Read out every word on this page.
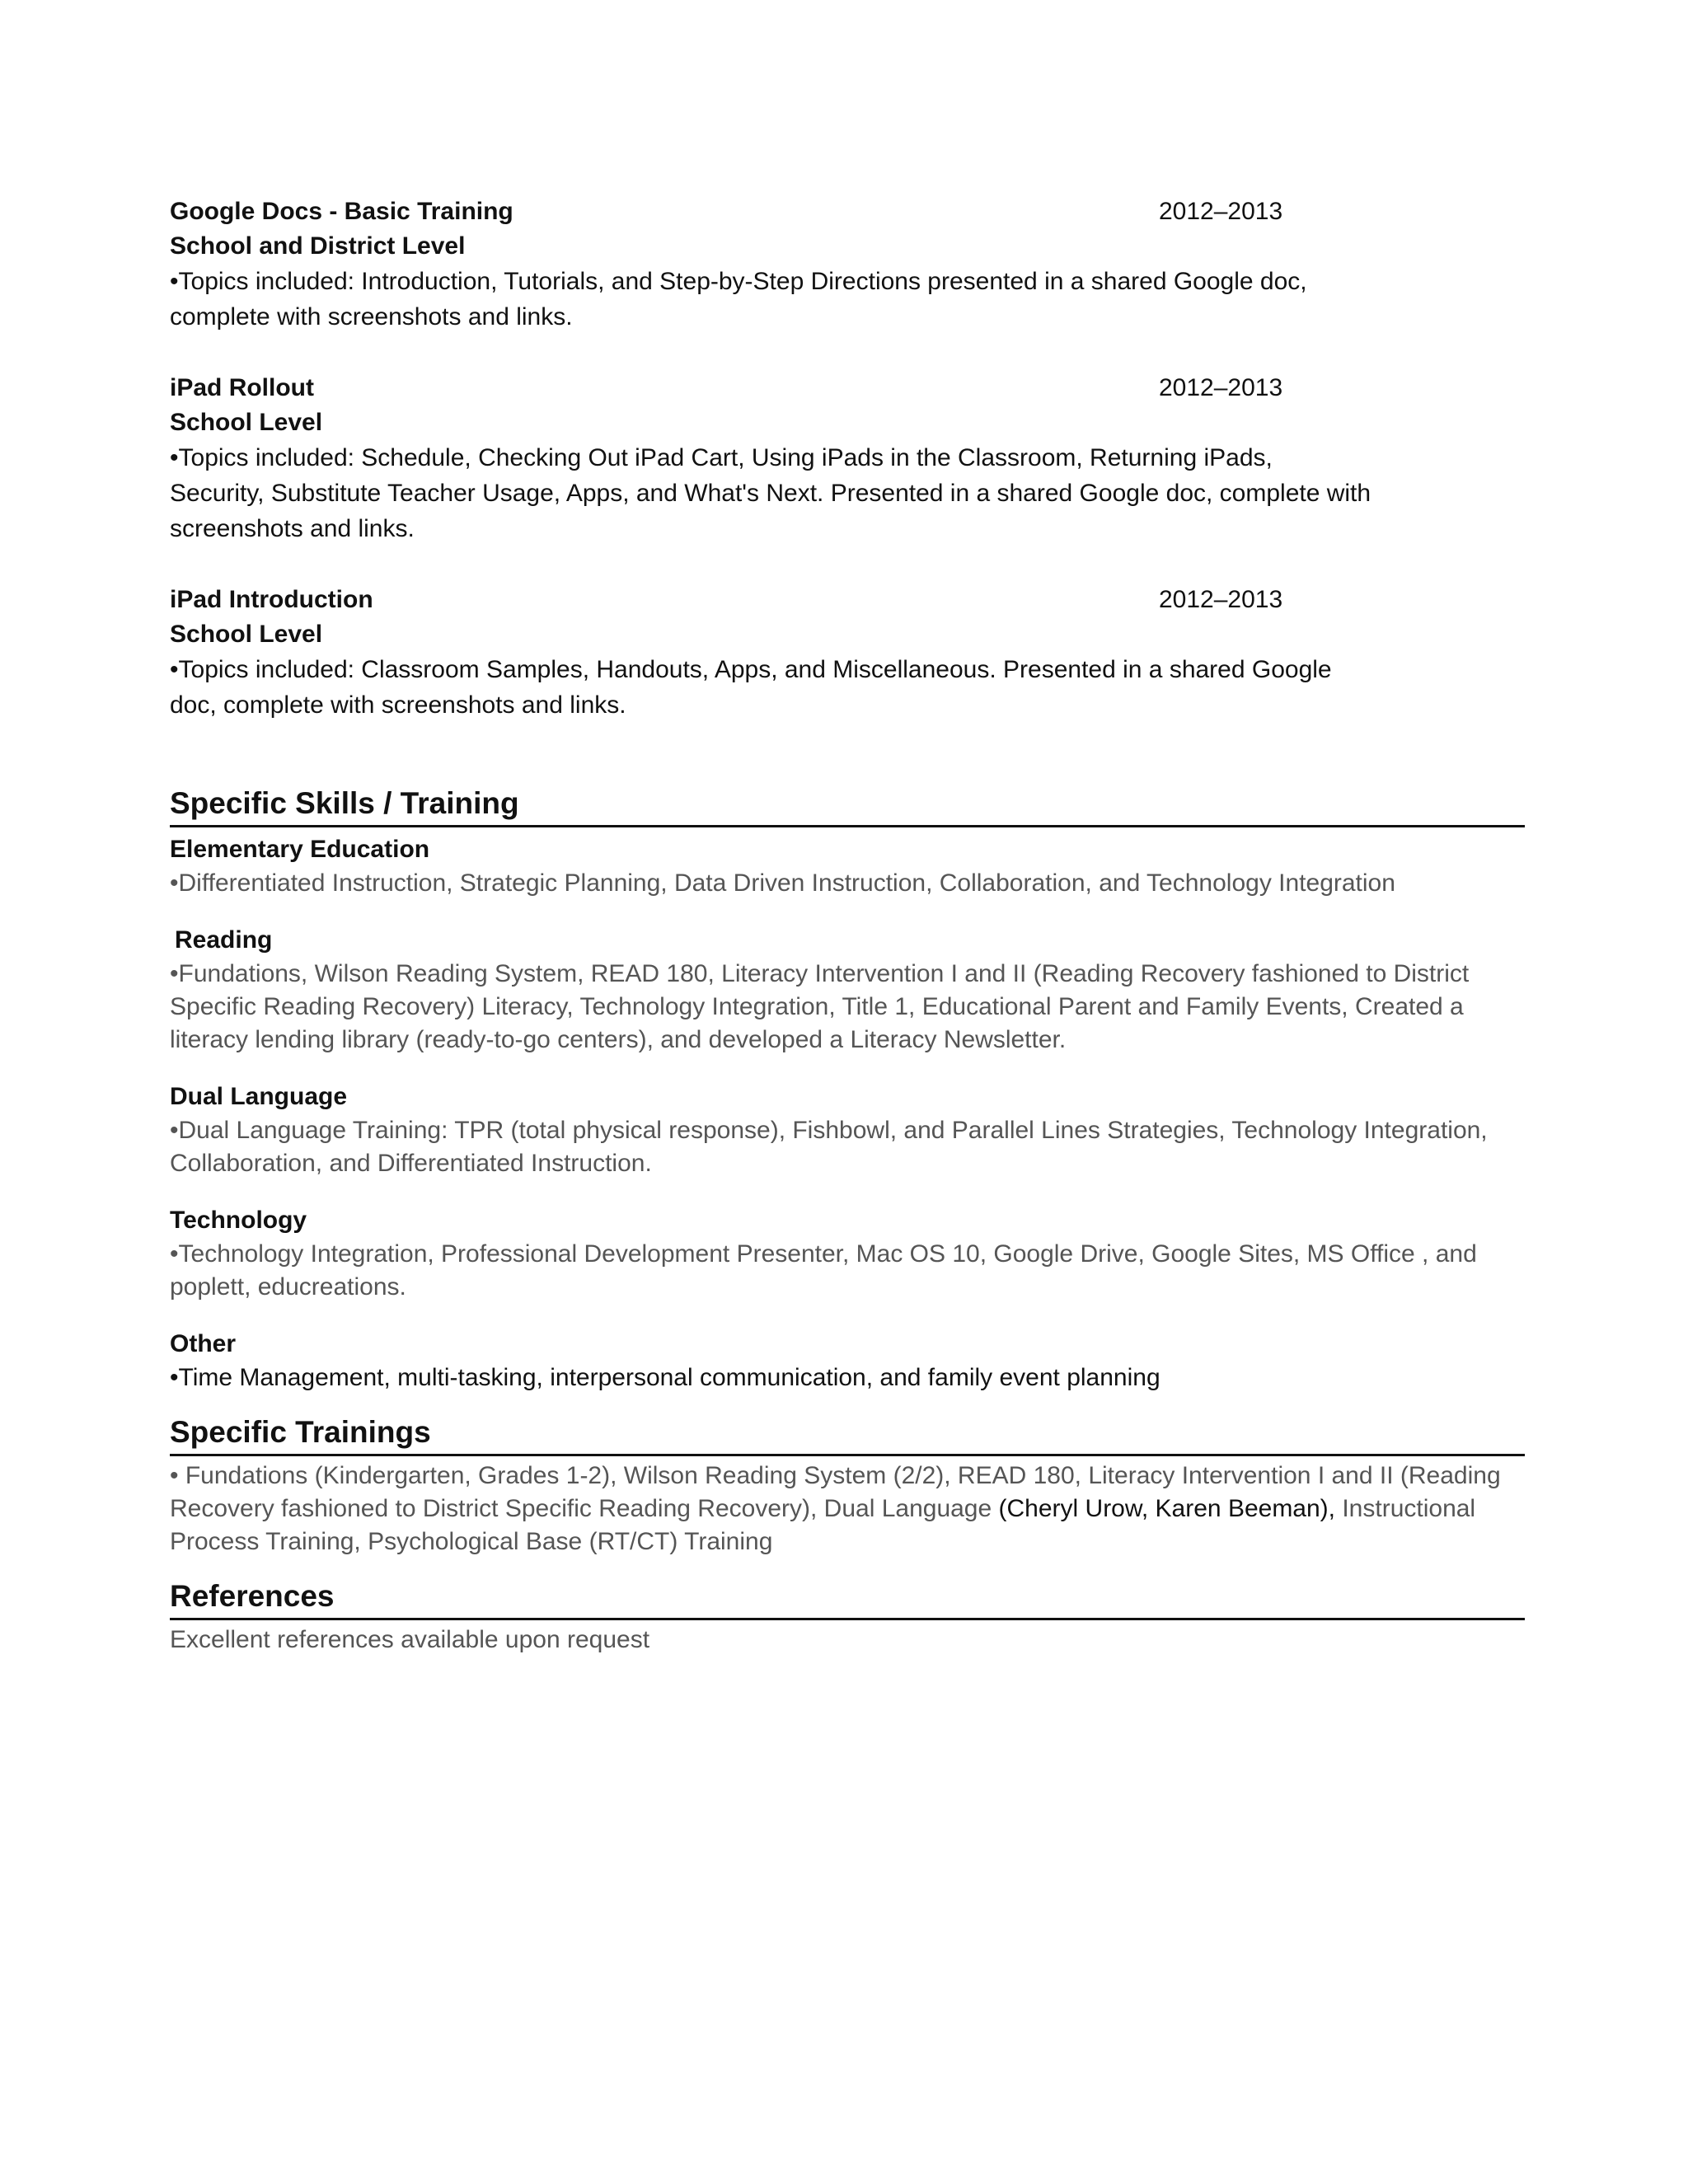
Google Docs - Basic Training	2012–2013
School and District Level
•Topics included: Introduction, Tutorials, and Step-by-Step Directions presented in a shared Google doc, complete with screenshots and links.
iPad Rollout	2012–2013
School Level
•Topics included: Schedule, Checking Out iPad Cart, Using iPads in the Classroom, Returning iPads, Security, Substitute Teacher Usage, Apps, and What's Next. Presented in a shared Google doc, complete with screenshots and links.
iPad Introduction	2012–2013
School Level
•Topics included: Classroom Samples, Handouts, Apps, and Miscellaneous. Presented in a shared Google doc, complete with screenshots and links.
Specific Skills / Training
Elementary Education
•Differentiated Instruction, Strategic Planning, Data Driven Instruction, Collaboration, and Technology Integration
Reading
•Fundations, Wilson Reading System, READ 180, Literacy Intervention I and II (Reading Recovery fashioned to District Specific Reading Recovery) Literacy, Technology Integration, Title 1, Educational Parent and Family Events, Created a literacy lending library (ready-to-go centers), and developed a Literacy Newsletter.
Dual Language
•Dual Language Training: TPR (total physical response), Fishbowl, and Parallel Lines Strategies, Technology Integration, Collaboration, and Differentiated Instruction.
Technology
•Technology Integration, Professional Development Presenter, Mac OS 10, Google Drive, Google Sites, MS Office , and poplett, educreations.
Other
•Time Management, multi-tasking, interpersonal communication, and family event planning
Specific Trainings
• Fundations (Kindergarten, Grades 1-2), Wilson Reading System (2/2), READ 180, Literacy Intervention I and II (Reading Recovery fashioned to District Specific Reading Recovery), Dual Language (Cheryl Urow, Karen Beeman), Instructional Process Training, Psychological Base (RT/CT) Training
References
Excellent references available upon request
